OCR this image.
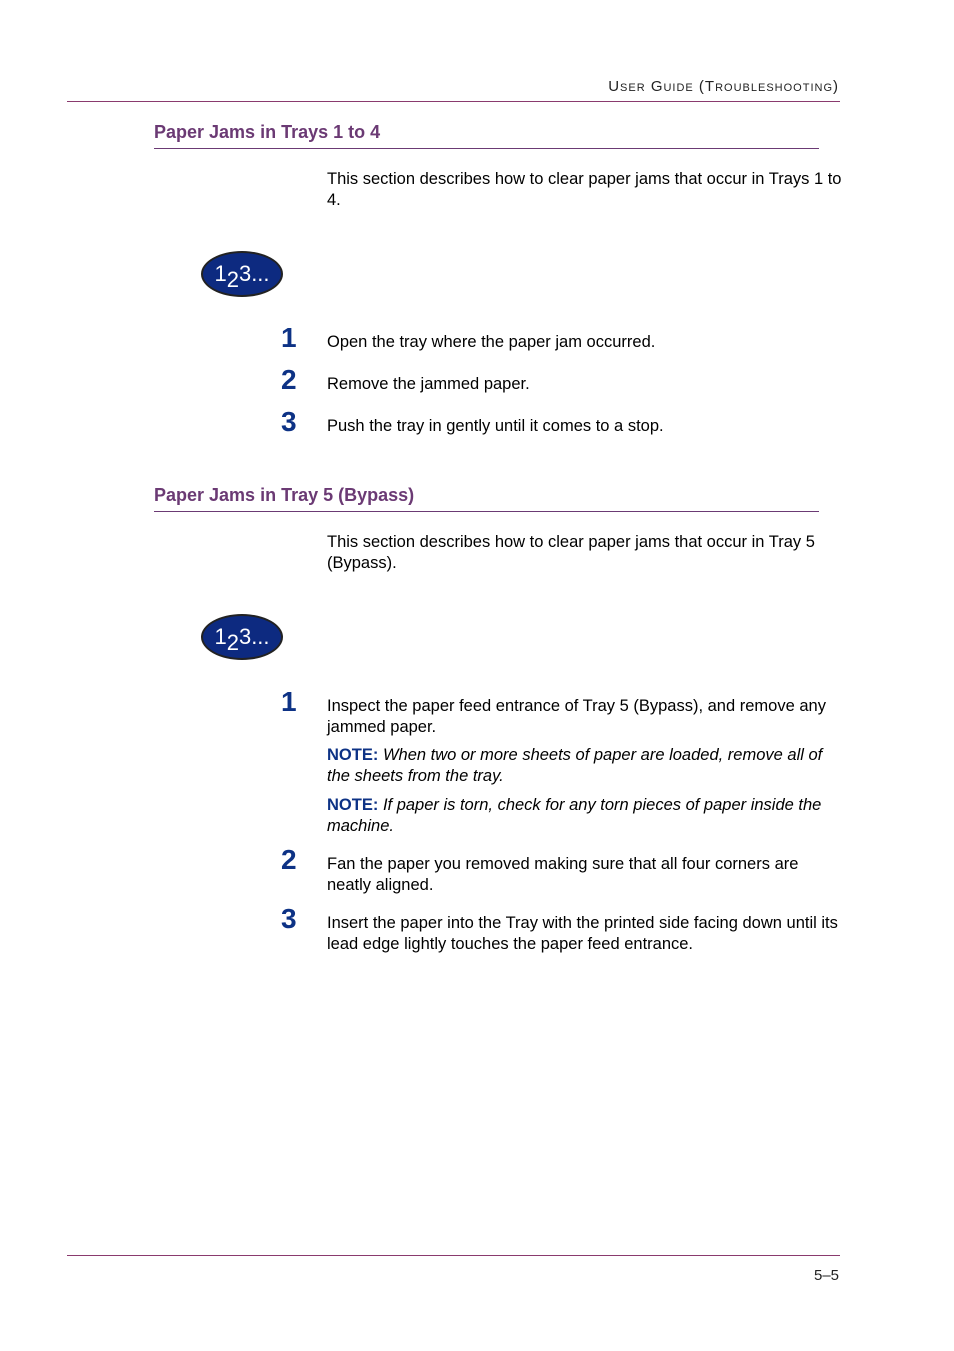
User Guide (Troubleshooting)
Paper Jams in Trays 1 to 4
This section describes how to clear paper jams that occur in Trays 1 to 4.
1 2 3...
1	Open the tray where the paper jam occurred.
2	Remove the jammed paper.
3	Push the tray in gently until it comes to a stop.
Paper Jams in Tray 5 (Bypass)
This section describes how to clear paper jams that occur in Tray 5 (Bypass).
1 2 3...
1	Inspect the paper feed entrance of Tray 5 (Bypass), and remove any jammed paper.
NOTE: When two or more sheets of paper are loaded, remove all of the sheets from the tray.
NOTE: If paper is torn, check for any torn pieces of paper inside the machine.
2	Fan the paper you removed making sure that all four corners are neatly aligned.
3	Insert the paper into the Tray with the printed side facing down until its lead edge lightly touches the paper feed entrance.
5–5
